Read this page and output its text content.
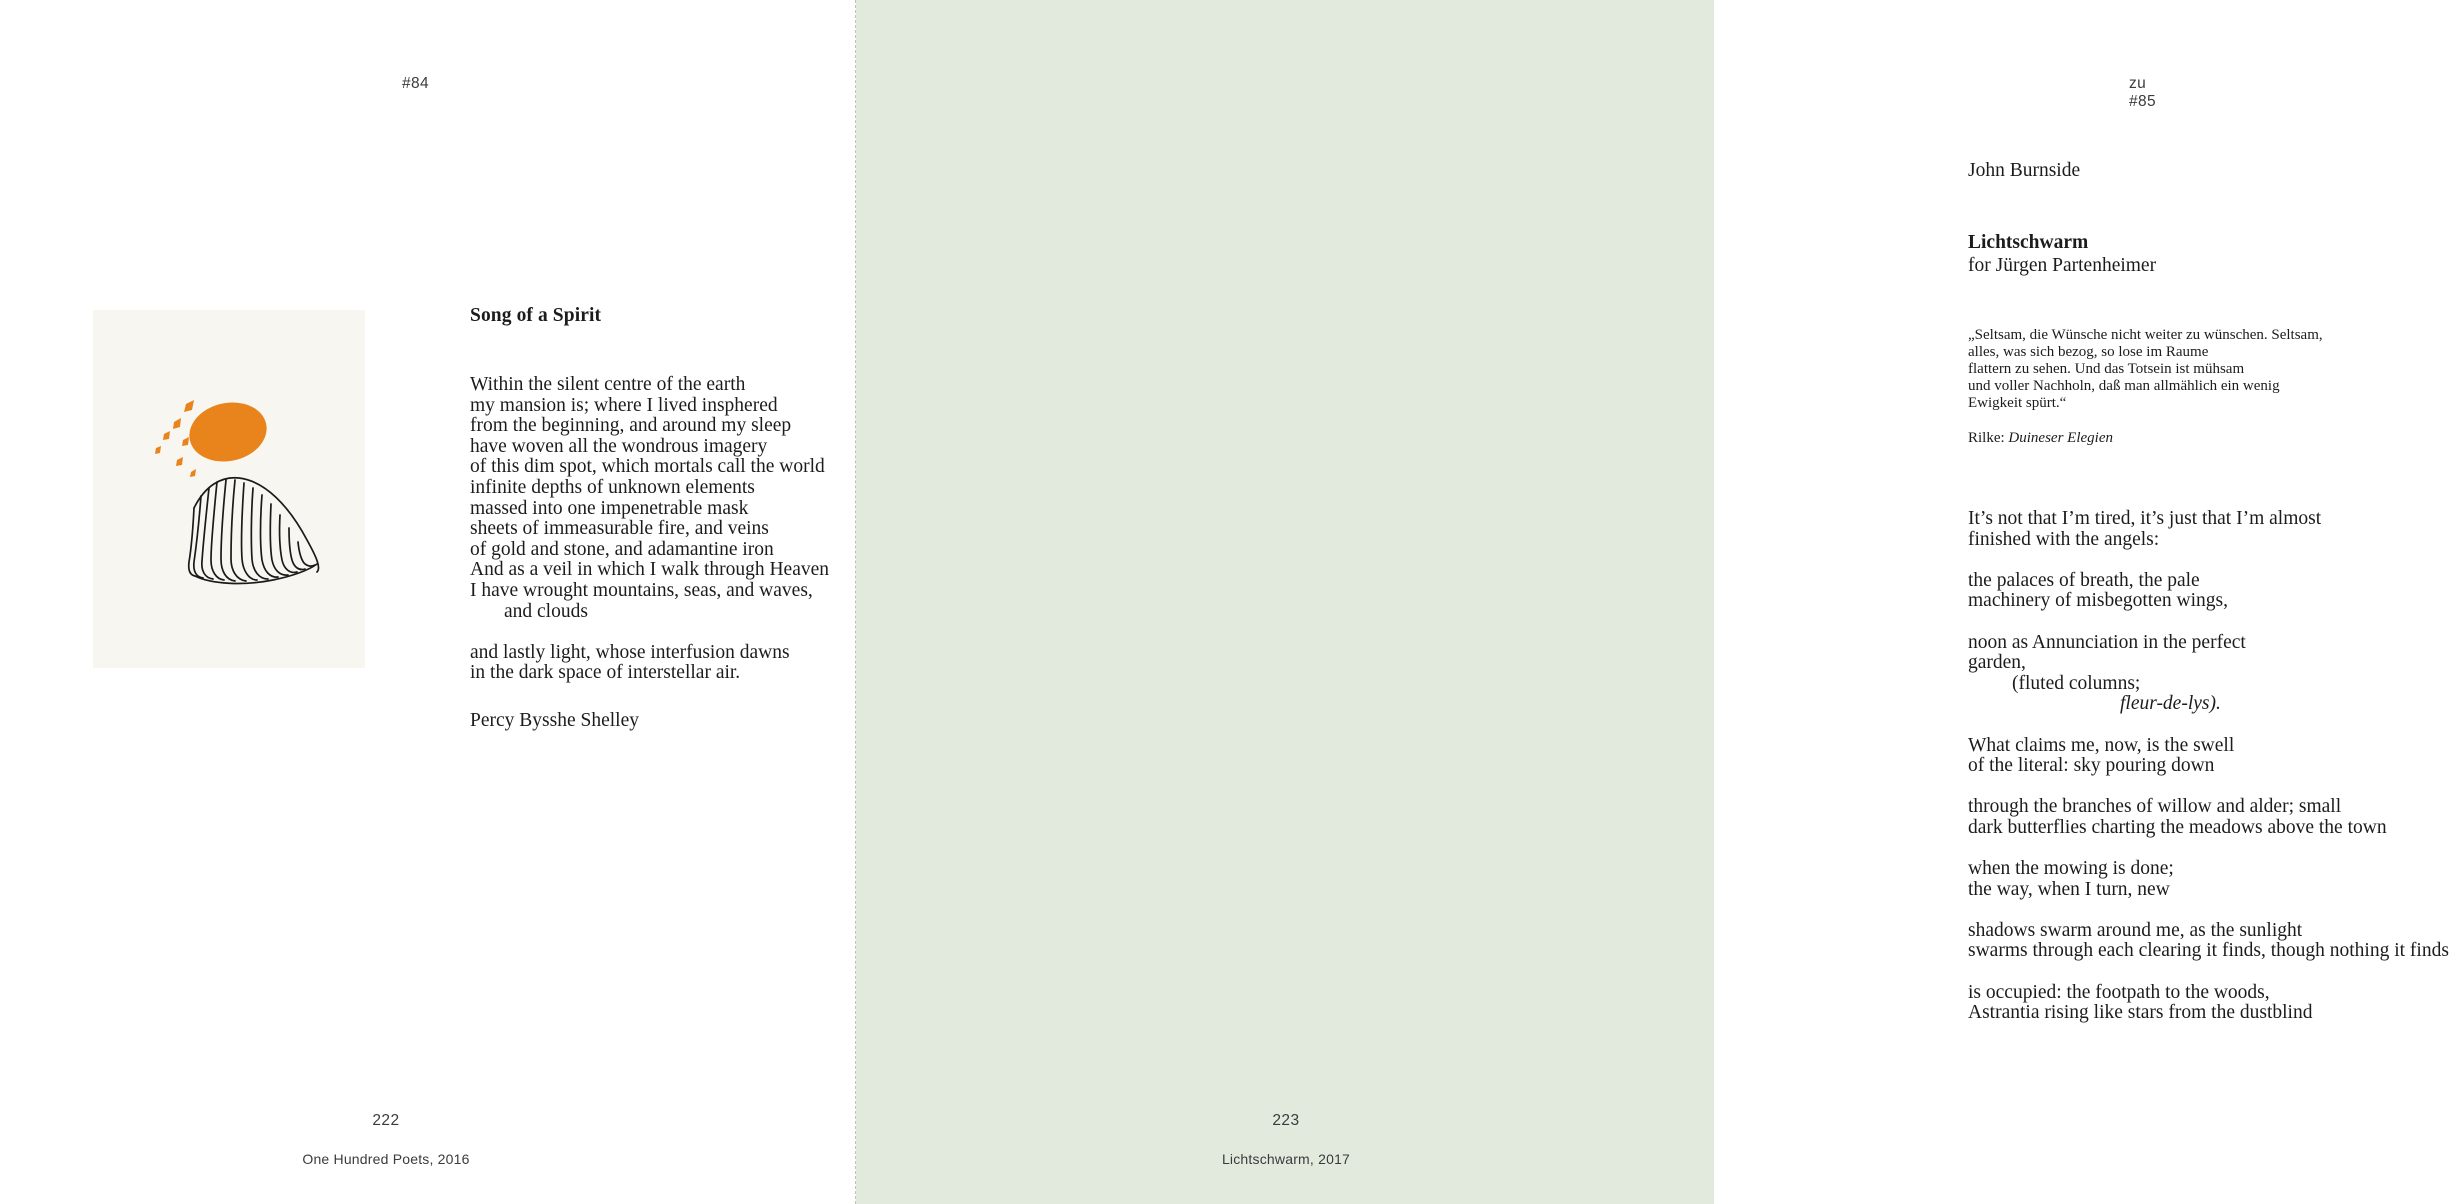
#84
Song of a Spirit
Within the silent centre of the earth
my mansion is; where I lived insphered
from the beginning, and around my sleep
have woven all the wondrous imagery
of this dim spot, which mortals call the world
infinite depths of unknown elements
massed into one impenetrable mask
sheets of immeasurable fire, and veins
of gold and stone, and adamantine iron
And as a veil in which I walk through Heaven
I have wrought mountains, seas, and waves,
and clouds
and lastly light, whose interfusion dawns
in the dark space of interstellar air.
Percy Bysshe Shelley
222
One Hundred Poets, 2016
zu #85
John Burnside
Lichtschwarm
for Jürgen Partenheimer
„Seltsam, die Wünsche nicht weiter zu wünschen. Seltsam,
alles, was sich bezog, so lose im Raume
flattern zu sehen. Und das Totsein ist mühsam
und voller Nachholn, daß man allmählich ein wenig
Ewigkeit spürt.“
Rilke: Duineser Elegien
It’s not that I’m tired, it’s just that I’m almost
finished with the angels:
the palaces of breath, the pale
machinery of misbegotten wings,
noon as Annunciation in the perfect
garden,
(fluted columns;
fleur-de-lys).
What claims me, now, is the swell
of the literal: sky pouring down
through the branches of willow and alder; small
dark butterflies charting the meadows above the town
when the mowing is done;
the way, when I turn, new
shadows swarm around me, as the sunlight
swarms through each clearing it finds, though nothing it finds
is occupied: the footpath to the woods,
Astrantia rising like stars from the dustblind
223
Lichtschwarm, 2017
